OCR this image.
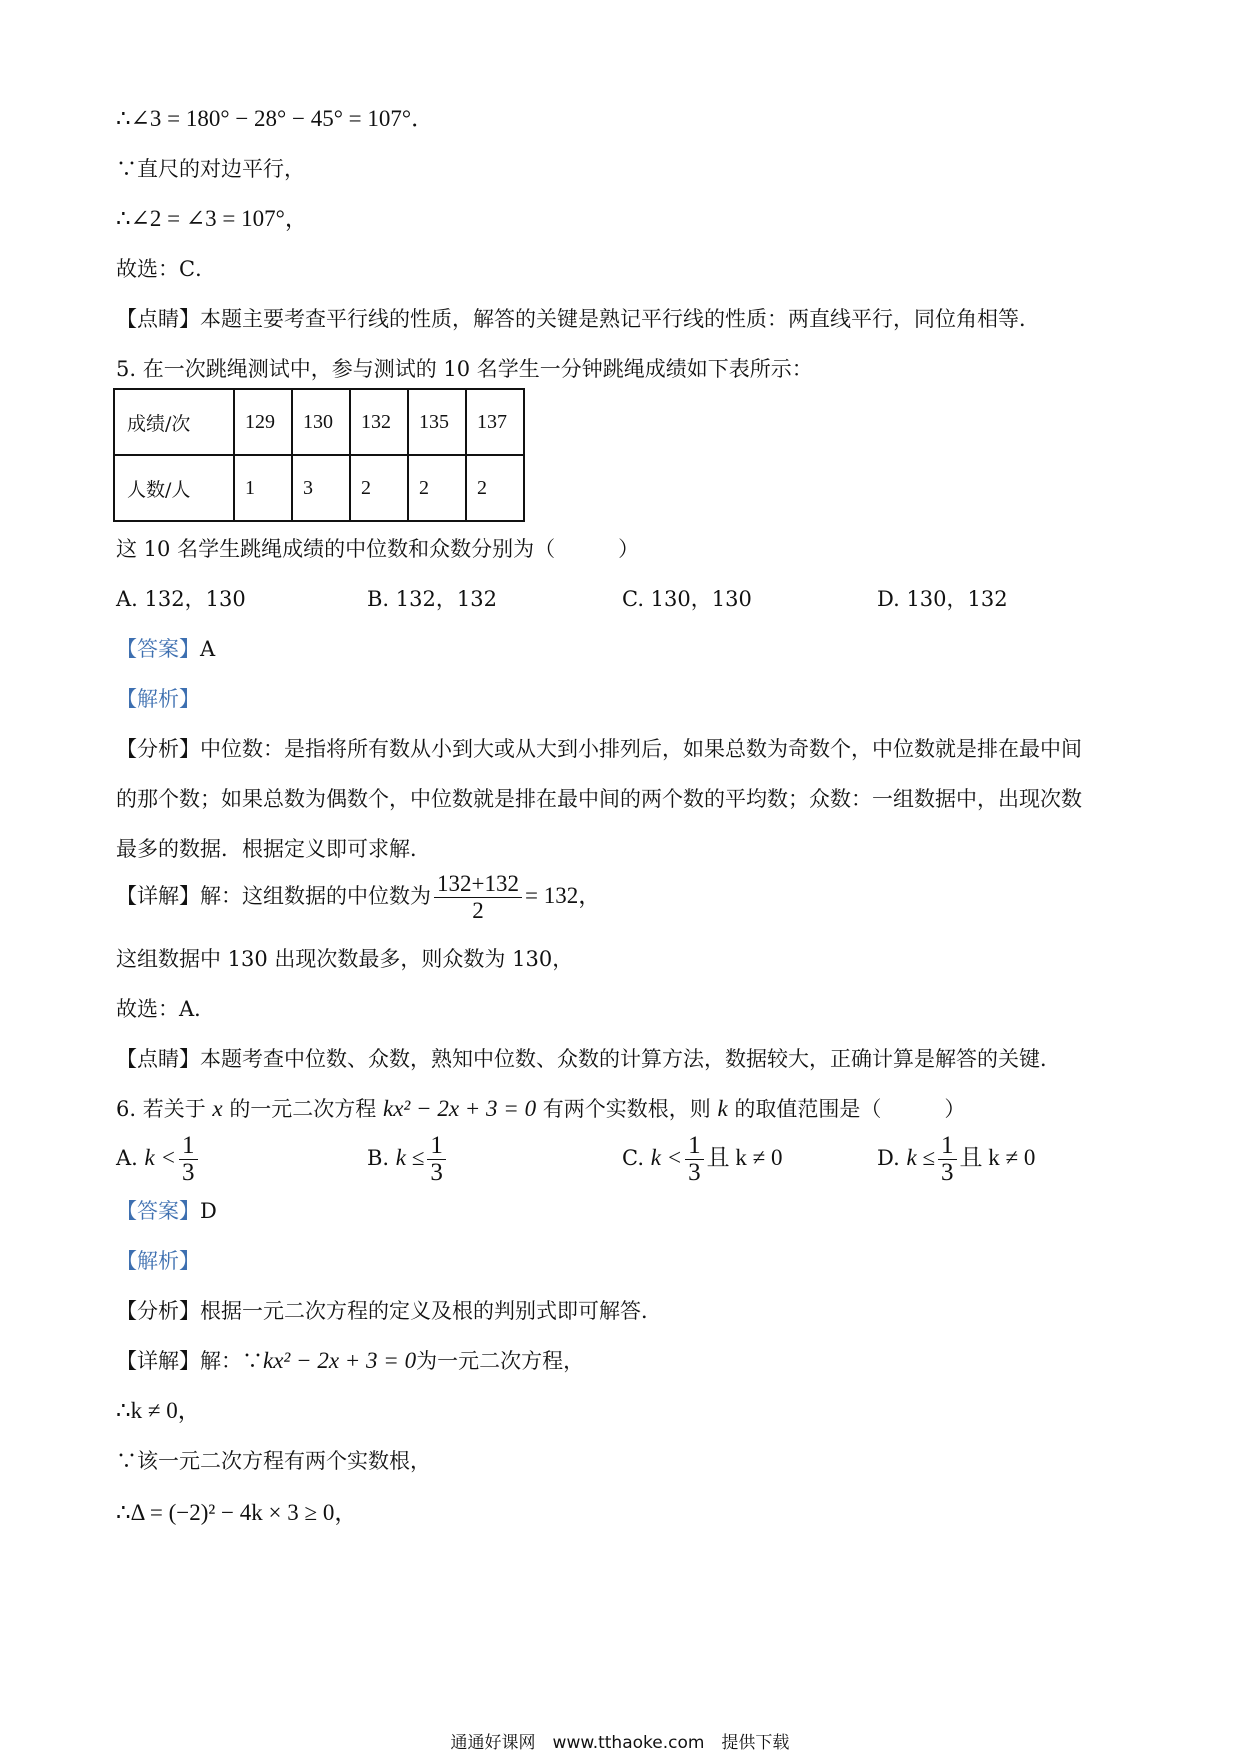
∴∠3 = 180° − 28° − 45° = 107°．
∵直尺的对边平行，
∴∠2 = ∠3 = 107°，
故选：C．
【点睛】本题主要考查平行线的性质，解答的关键是熟记平行线的性质：两直线平行，同位角相等．
5. 在一次跳绳测试中，参与测试的 10 名学生一分钟跳绳成绩如下表所示：
成绩/次	129	130	132	135	137
人数/人	1	3	2	2	2
这 10 名学生跳绳成绩的中位数和众数分别为（　　　）
A. 132，130	B. 132，132	C. 130，130	D. 130，132
【答案】A
【解析】
【分析】中位数：是指将所有数从小到大或从大到小排列后，如果总数为奇数个，中位数就是排在最中间
的那个数；如果总数为偶数个，中位数就是排在最中间的两个数的平均数；众数：一组数据中，出现次数
最多的数据．根据定义即可求解．
【详解】解：这组数据的中位数为 $\frac{132+132}{2} = 132$，
这组数据中 130 出现次数最多，则众数为 130，
故选：A．
【点睛】本题考查中位数、众数，熟知中位数、众数的计算方法，数据较大，正确计算是解答的关键．
6. 若关于 x 的一元二次方程 kx² − 2x + 3 = 0 有两个实数根，则 k 的取值范围是（　　　）
A. $k < \frac{1}{3}$	B. $k \le \frac{1}{3}$	C. $k < \frac{1}{3}$ 且 k ≠ 0	D. $k \le \frac{1}{3}$ 且 k ≠ 0
【答案】D
【解析】
【分析】根据一元二次方程的定义及根的判别式即可解答．
【详解】解：∵kx² − 2x + 3 = 0为一元二次方程，
∴k ≠ 0，
∵该一元二次方程有两个实数根，
∴Δ = (−2)² − 4k × 3 ≥ 0，
通通好课网　www.tthaoke.com　提供下载
